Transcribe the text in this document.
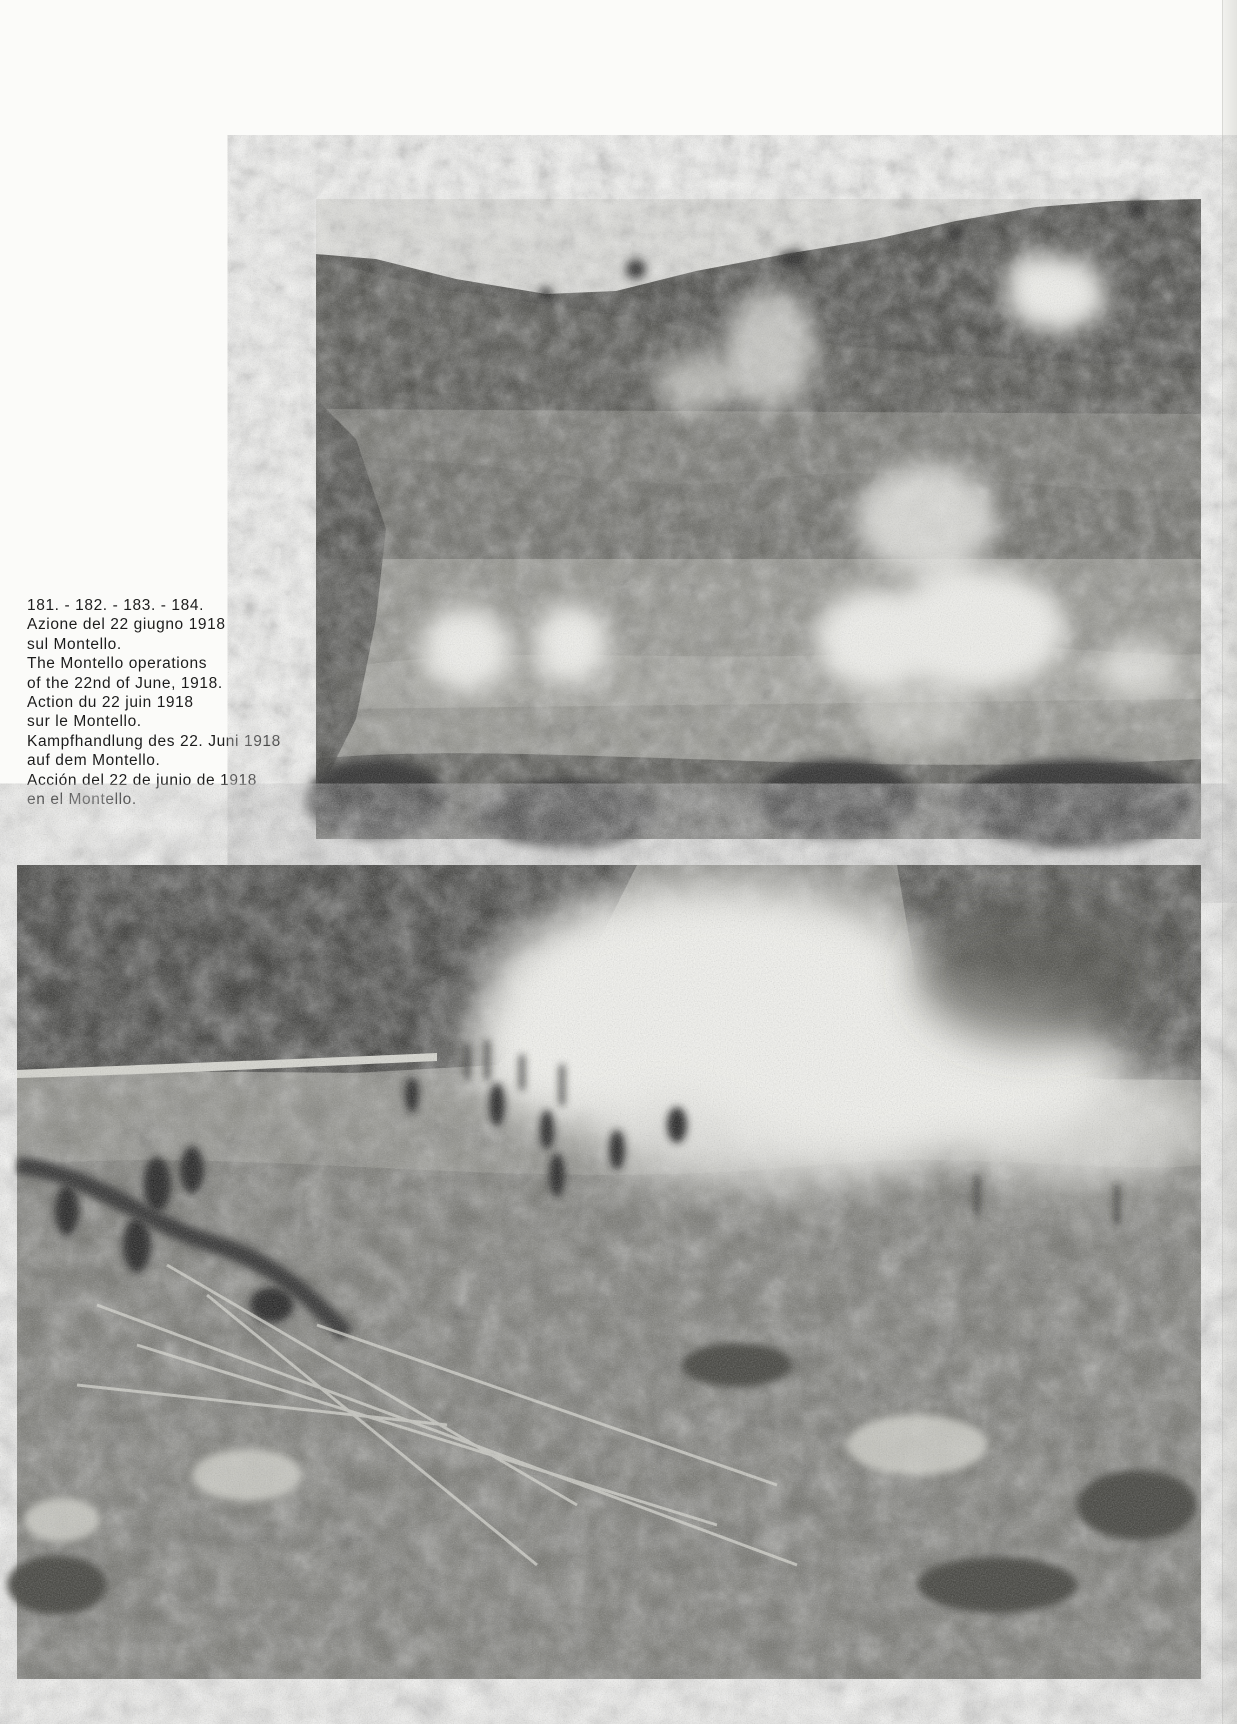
181. - 182. - 183. - 184.
Azione del 22 giugno 1918
sul Montello.
The Montello operations
of the 22nd of June, 1918.
Action du 22 juin 1918
sur le Montello.
Kampfhandlung des 22. Juni 1918
auf dem Montello.
Acción del 22 de junio de 1918
en el Montello.
